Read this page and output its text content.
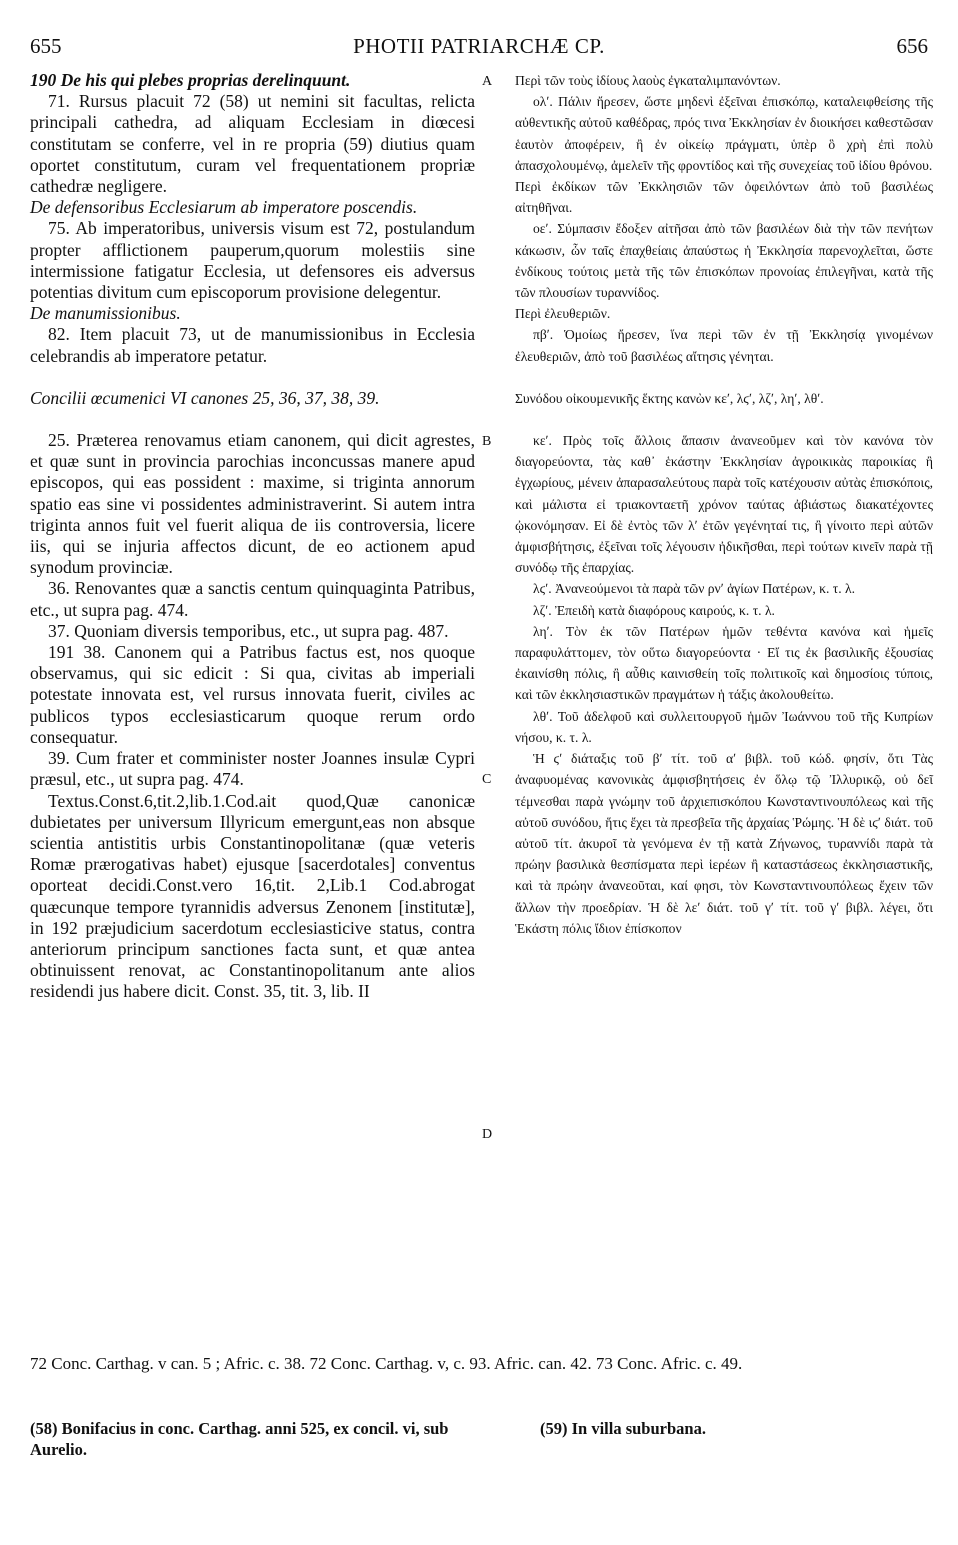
655	PHOTII PATRIARCHÆ CP.	656
A
B
C
D

190 De his qui plebes proprias derelinquunt.

71. Rursus placuit 72 (58) ut nemini sit facultas, relicta principali cathedra, ad aliquam Ecclesiam in diœcesi constitutam se conferre, vel in re propria (59) diutius quam oportet constitutum, curam vel frequentationem propriæ cathedræ negligere.

De defensoribus Ecclesiarum ab imperatore poscendis.

75. Ab imperatoribus, universis visum est 72, postulandum propter afflictionem pauperum,quorum molestiis sine intermissione fatigatur Ecclesia, ut defensores eis adversus potentias divitum cum episcoporum provisione delegentur.

De manumissionibus.

82. Item placuit 73, ut de manumissionibus in Ecclesia celebrandis ab imperatore petatur.

Concilii œcumenici VI canones 25, 36, 37, 38, 39.

25. Præterea renovamus etiam canonem, qui dicit agrestes, et quæ sunt in provincia parochias inconcussas manere apud episcopos, qui eas possident : maxime, si triginta annorum spatio eas sine vi possidentes administraverint. Si autem intra triginta annos fuit vel fuerit aliqua de iis controversia, licere iis, qui se injuria affectos dicunt, de eo actionem apud synodum provinciæ.

36. Renovantes quæ a sanctis centum quinquaginta Patribus, etc., ut supra pag. 474.

37. Quoniam diversis temporibus, etc., ut supra pag. 487.

191 38. Canonem qui a Patribus factus est, nos quoque observamus, qui sic edicit : Si qua, civitas ab imperiali potestate innovata est, vel rursus innovata fuerit, civiles ac publicos typos ecclesiasticarum quoque rerum ordo consequatur.

39. Cum frater et comminister noster Joannes insulæ Cypri præsul, etc., ut supra pag. 474.

Textus.Const.6,tit.2,lib.1.Cod.ait quod,Quæ canonicæ dubietates per universum Illyricum emergunt,eas non absque scientia antistitis urbis Constantinopolitanæ (quæ veteris Romæ prærogativas habet) ejusque [sacerdotales] conventus oporteat decidi.Const.vero 16,tit. 2,Lib.1 Cod.abrogat quæcunque tempore tyrannidis adversus Zenonem [institutæ], in 192 præjudicium sacerdotum ecclesiasticive status, contra anteriorum principum sanctiones facta sunt, et quæ antea obtinuissent renovat, ac Constantinopolitanum ante alios residendi jus habere dicit. Const. 35, tit. 3, lib. II

Περὶ τῶν τοὺς ἰδίους λαοὺς ἐγκαταλιμπανόντων.

ολʹ. Πάλιν ἤρεσεν, ὥστε μηδενὶ ἐξεῖναι ἐπισκόπῳ, καταλειφθείσης τῆς αὐθεντικῆς αὐτοῦ καθέδρας, πρός τινα Ἐκκλησίαν ἐν διοικήσει καθεστῶσαν ἑαυτὸν ἀποφέρειν, ἢ ἐν οἰκείῳ πράγματι, ὑπὲρ ὃ χρὴ ἐπὶ πολὺ ἀπασχολουμένῳ, ἀμελεῖν τῆς φροντίδος καὶ τῆς συνεχείας τοῦ ἰδίου θρόνου.

Περὶ ἐκδίκων τῶν Ἐκκλησιῶν τῶν ὀφειλόντων ἀπὸ τοῦ βασιλέως αἰτηθῆναι.

οεʹ. Σύμπασιν ἔδοξεν αἰτῆσαι ἀπὸ τῶν βασιλέων διὰ τὴν τῶν πενήτων κάκωσιν, ὧν ταῖς ἐπαχθείαις ἀπαύστως ἡ Ἐκκλησία παρενοχλεῖται, ὥστε ἐνδίκους τούτοις μετὰ τῆς τῶν ἐπισκόπων προνοίας ἐπιλεγῆναι, κατὰ τῆς τῶν πλουσίων τυραννίδος.

Περὶ ἐλευθεριῶν.

πβʹ. Ὁμοίως ἤρεσεν, ἵνα περὶ τῶν ἐν τῇ Ἐκκλησίᾳ γινομένων ἐλευθεριῶν, ἀπὸ τοῦ βασιλέως αἴτησις γένηται.

Συνόδου οἰκουμενικῆς ἕκτης κανὼν κεʹ, λϛʹ, λζʹ, ληʹ, λθʹ.

κεʹ. Πρὸς τοῖς ἄλλοις ἅπασιν ἀνανεοῦμεν καὶ τὸν κανόνα τὸν διαγορεύοντα, τὰς καθ᾽ ἑκάστην Ἐκκλησίαν ἀγροικικὰς παροικίας ἢ ἐγχωρίους, μένειν ἀπαρασαλεύτους παρὰ τοῖς κατέχουσιν αὐτὰς ἐπισκόποις, καὶ μάλιστα εἰ τριακονταετῆ χρόνον ταύτας ἀβιάστως διακατέχοντες ᾠκονόμησαν. Εἰ δὲ ἐντὸς τῶν λʹ ἐτῶν γεγένηταί τις, ἢ γίνοιτο περὶ αὐτῶν ἀμφισβήτησις, ἐξεῖναι τοῖς λέγουσιν ἠδικῆσθαι, περὶ τούτων κινεῖν παρὰ τῇ συνόδῳ τῆς ἐπαρχίας.

λϛʹ. Ἀνανεούμενοι τὰ παρὰ τῶν ρνʹ ἁγίων Πατέρων, κ. τ. λ.

λζʹ. Ἐπειδὴ κατὰ διαφόρους καιρούς, κ. τ. λ.

ληʹ. Τὸν ἐκ τῶν Πατέρων ἡμῶν τεθέντα κανόνα καὶ ἡμεῖς παραφυλάττομεν, τὸν οὕτω διαγορεύοντα · Εἴ τις ἐκ βασιλικῆς ἐξουσίας ἐκαινίσθη πόλις, ἢ αὖθις καινισθείη τοῖς πολιτικοῖς καὶ δημοσίοις τύποις, καὶ τῶν ἐκκλησιαστικῶν πραγμάτων ἡ τάξις ἀκολουθείτω.

λθʹ. Τοῦ ἀδελφοῦ καὶ συλλειτουργοῦ ἡμῶν Ἰωάννου τοῦ τῆς Κυπρίων νήσου, κ. τ. λ.

Ἡ ϛʹ διάταξις τοῦ βʹ τίτ. τοῦ αʹ βιβλ. τοῦ κώδ. φησίν, ὅτι Τὰς ἀναφυομένας κανονικὰς ἀμφισβητήσεις ἐν ὅλῳ τῷ Ἰλλυρικῷ, οὐ δεῖ τέμνεσθαι παρὰ γνώμην τοῦ ἀρχιεπισκόπου Κωνσταντινουπόλεως καὶ τῆς αὐτοῦ συνόδου, ἥτις ἔχει τὰ πρεσβεῖα τῆς ἀρχαίας Ῥώμης. Ἡ δὲ ιϛʹ διάτ. τοῦ αὐτοῦ τίτ. ἀκυροῖ τὰ γενόμενα ἐν τῇ κατὰ Ζήνωνος, τυραννίδι παρὰ τὰ πρώην βασιλικὰ θεσπίσματα περὶ ἱερέων ἢ καταστάσεως ἐκκλησιαστικῆς, καὶ τὰ πρώην ἀνανεοῦται, καί φησι, τὸν Κωνσταντινουπόλεως ἔχειν τῶν ἄλλων τὴν προεδρίαν. Ἡ δὲ λεʹ διάτ. τοῦ γʹ τίτ. τοῦ γʹ βιβλ. λέγει, ὅτι Ἑκάστη πόλις ἴδιον ἐπίσκοπον

72 Conc. Carthag. v can. 5 ; Afric. c. 38. 72 Conc. Carthag. v, c. 93. Afric. can. 42. 73 Conc. Afric. c. 49.
(58) Bonifacius in conc. Carthag. anni 525, ex concil. vi, sub Aurelio.
(59) In villa suburbana.
